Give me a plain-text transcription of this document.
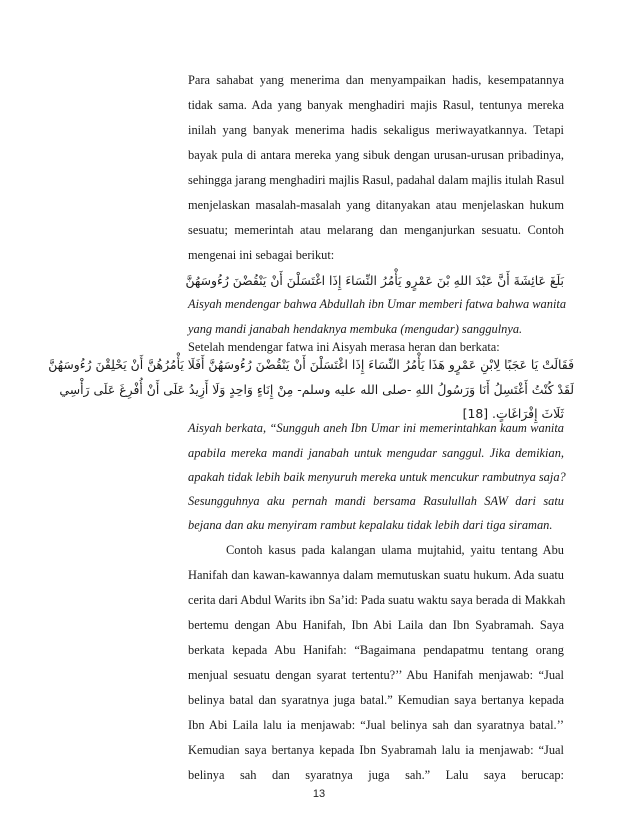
Para sahabat yang menerima dan menyampaikan hadis, kesempatannya
tidak sama. Ada yang banyak menghadiri majis Rasul, tentunya mereka
inilah yang banyak menerima hadis sekaligus meriwayatkannya. Tetapi
bayak pula di antara mereka yang sibuk dengan urusan-urusan pribadinya,
sehingga jarang menghadiri majlis Rasul, padahal dalam majlis itulah Rasul
menjelaskan masalah-masalah yang ditanyakan atau menjelaskan hukum
sesuatu; memerintah atau melarang dan menganjurkan sesuatu. Contoh
mengenai ini sebagai berikut:
بَلَغَ عَائِشَةَ أَنَّ عَبْدَ اللهِ بْنَ عَمْرٍو يَأْمُرُ النِّسَاءَ إِذَا اغْتَسَلْنَ أَنْ يَنْقُضْنَ رُءُوسَهُنَّ
Aisyah mendengar bahwa Abdullah ibn Umar memberi fatwa bahwa wanita
yang mandi janabah hendaknya membuka (mengudar) sanggulnya.
Setelah mendengar fatwa ini Aisyah merasa heran dan berkata:
فَقَالَتْ يَا عَجَبًا لِابْنِ عَمْرٍو هَذَا يَأْمُرُ النِّسَاءَ إِذَا اغْتَسَلْنَ أَنْ يَنْقُضْنَ رُءُوسَهُنَّ أَفَلَا يَأْمُرُهُنَّ أَنْ يَحْلِقْنَ رُءُوسَهُنَّ
لَقَدْ كُنْتُ أَغْتَسِلُ أَنَا وَرَسُولُ اللهِ -صلى الله عليه وسلم- مِنْ إِنَاءٍ وَاحِدٍ وَلَا أَزِيدُ عَلَى أَنْ أُفْرِغَ عَلَى رَأْسِي
ثَلَاثَ إِفْرَاغَاتٍ. [18]
Aisyah berkata, “Sungguh aneh Ibn Umar ini memerintahkan kaum wanita
apabila mereka mandi janabah untuk mengudar sanggul. Jika demikian,
apakah tidak lebih baik menyuruh mereka untuk mencukur rambutnya saja?
Sesungguhnya aku pernah mandi bersama Rasulullah SAW dari satu
bejana dan aku menyiram rambut kepalaku tidak lebih dari tiga siraman.
Contoh kasus pada kalangan ulama mujtahid, yaitu tentang Abu
Hanifah dan kawan-kawannya dalam memutuskan suatu hukum. Ada suatu
cerita dari Abdul Warits ibn Sa’id: Pada suatu waktu saya berada di Makkah
bertemu dengan Abu Hanifah, Ibn Abi Laila dan Ibn Syabramah. Saya
berkata kepada Abu Hanifah: “Bagaimana pendapatmu tentang orang
menjual sesuatu dengan syarat tertentu?’’ Abu Hanifah menjawab: “Jual
belinya batal dan syaratnya juga batal.” Kemudian saya bertanya kepada
Ibn Abi Laila lalu ia menjawab: “Jual belinya sah dan syaratnya batal.’’
Kemudian saya bertanya kepada Ibn Syabramah lalu ia menjawab: “Jual
belinya sah dan syaratnya juga sah.” Lalu saya berucap:
13
